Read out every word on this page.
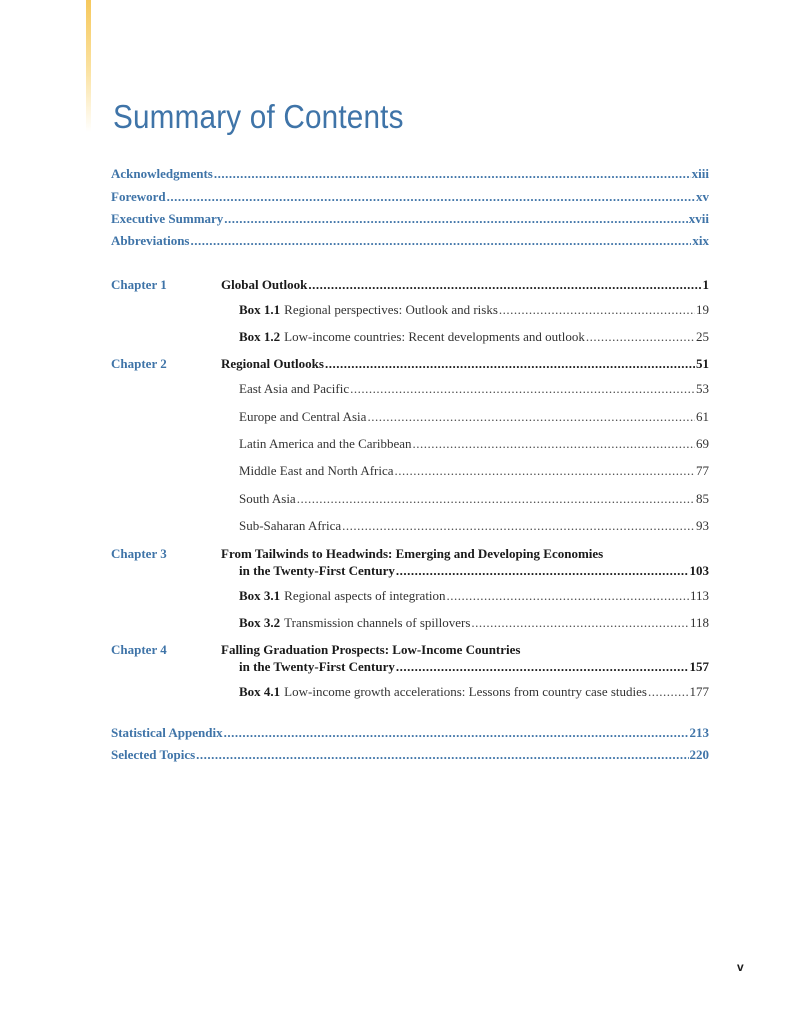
Summary of Contents
Acknowledgments .....	xiii
Foreword .....	xv
Executive Summary .....	xvii
Abbreviations .....	xix
Chapter 1	Global Outlook .....	1
Box 1.1 Regional perspectives: Outlook and risks .....	19
Box 1.2 Low-income countries: Recent developments and outlook .....	25
Chapter 2	Regional Outlooks .....	51
East Asia and Pacific .....	53
Europe and Central Asia .....	61
Latin America and the Caribbean .....	69
Middle East and North Africa .....	77
South Asia .....	85
Sub-Saharan Africa .....	93
Chapter 3	From Tailwinds to Headwinds: Emerging and Developing Economies
in the Twenty-First Century .....	103
Box 3.1 Regional aspects of integration .....	113
Box 3.2 Transmission channels of spillovers .....	118
Chapter 4	Falling Graduation Prospects: Low-Income Countries
in the Twenty-First Century .....	157
Box 4.1 Low-income growth accelerations: Lessons from country case studies .....	177
Statistical Appendix .....	213
Selected Topics .....	220
v
